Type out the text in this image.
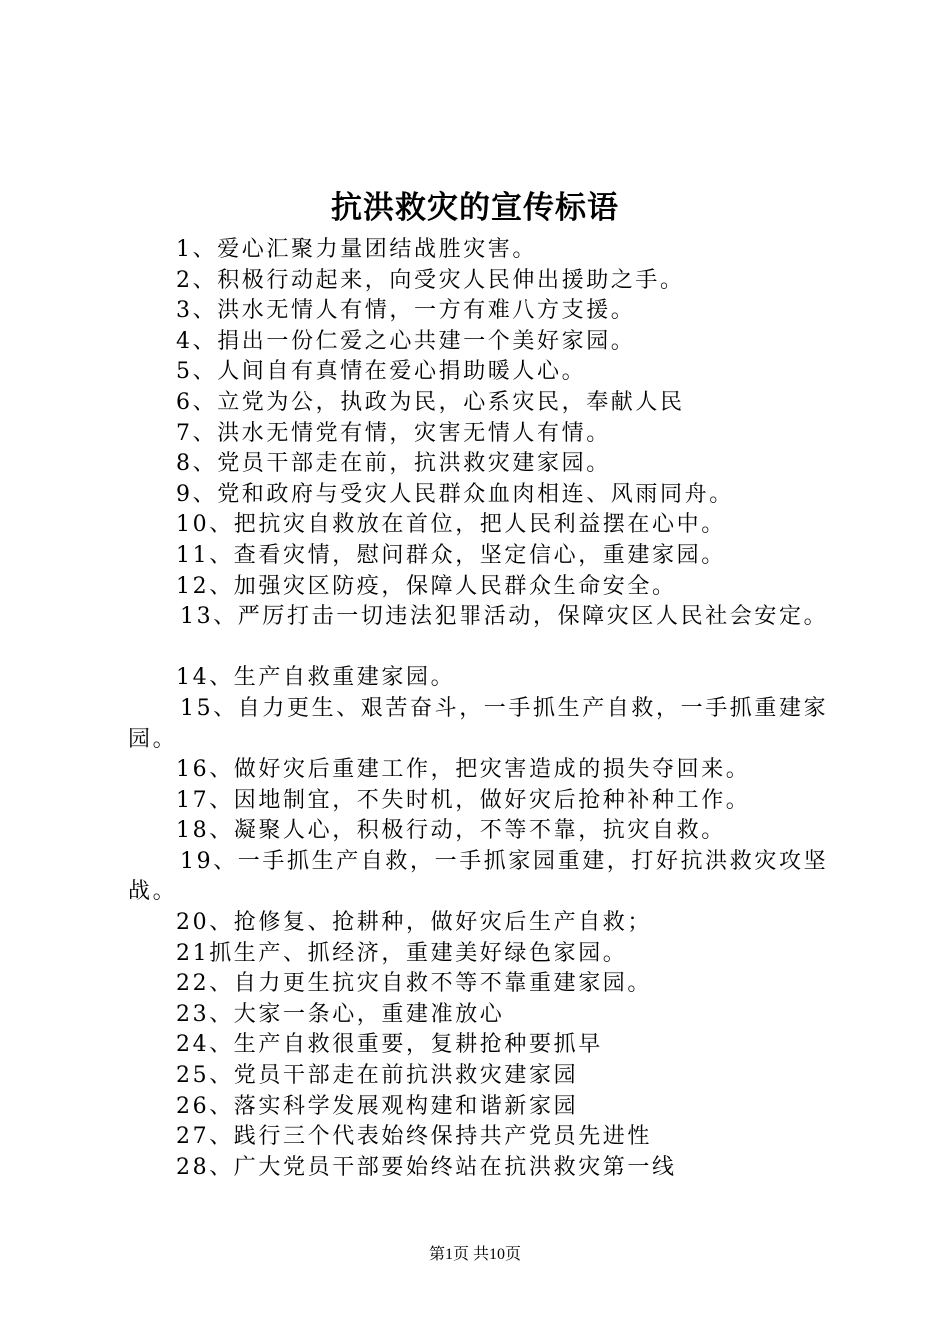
抗洪救灾的宣传标语
1、爱心汇聚力量团结战胜灾害。
2、积极行动起来，向受灾人民伸出援助之手。
3、洪水无情人有情，一方有难八方支援。
4、捐出一份仁爱之心共建一个美好家园。
5、人间自有真情在爱心捐助暖人心。
6、立党为公，执政为民，心系灾民，奉献人民
7、洪水无情党有情，灾害无情人有情。
8、党员干部走在前，抗洪救灾建家园。
9、党和政府与受灾人民群众血肉相连、风雨同舟。
10、把抗灾自救放在首位，把人民利益摆在心中。
11、查看灾情，慰问群众，坚定信心，重建家园。
12、加强灾区防疫，保障人民群众生命安全。
13、严厉打击一切违法犯罪活动，保障灾区人民社会安定。
14、生产自救重建家园。
15、自力更生、艰苦奋斗，一手抓生产自救，一手抓重建家园。
16、做好灾后重建工作，把灾害造成的损失夺回来。
17、因地制宜，不失时机，做好灾后抢种补种工作。
18、凝聚人心，积极行动，不等不靠，抗灾自救。
19、一手抓生产自救，一手抓家园重建，打好抗洪救灾攻坚战。
20、抢修复、抢耕种，做好灾后生产自救；
21抓生产、抓经济，重建美好绿色家园。
22、自力更生抗灾自救不等不靠重建家园。
23、大家一条心，重建准放心
24、生产自救很重要，复耕抢种要抓早
25、党员干部走在前抗洪救灾建家园
26、落实科学发展观构建和谐新家园
27、践行三个代表始终保持共产党员先进性
28、广大党员干部要始终站在抗洪救灾第一线
第1页 共10页
